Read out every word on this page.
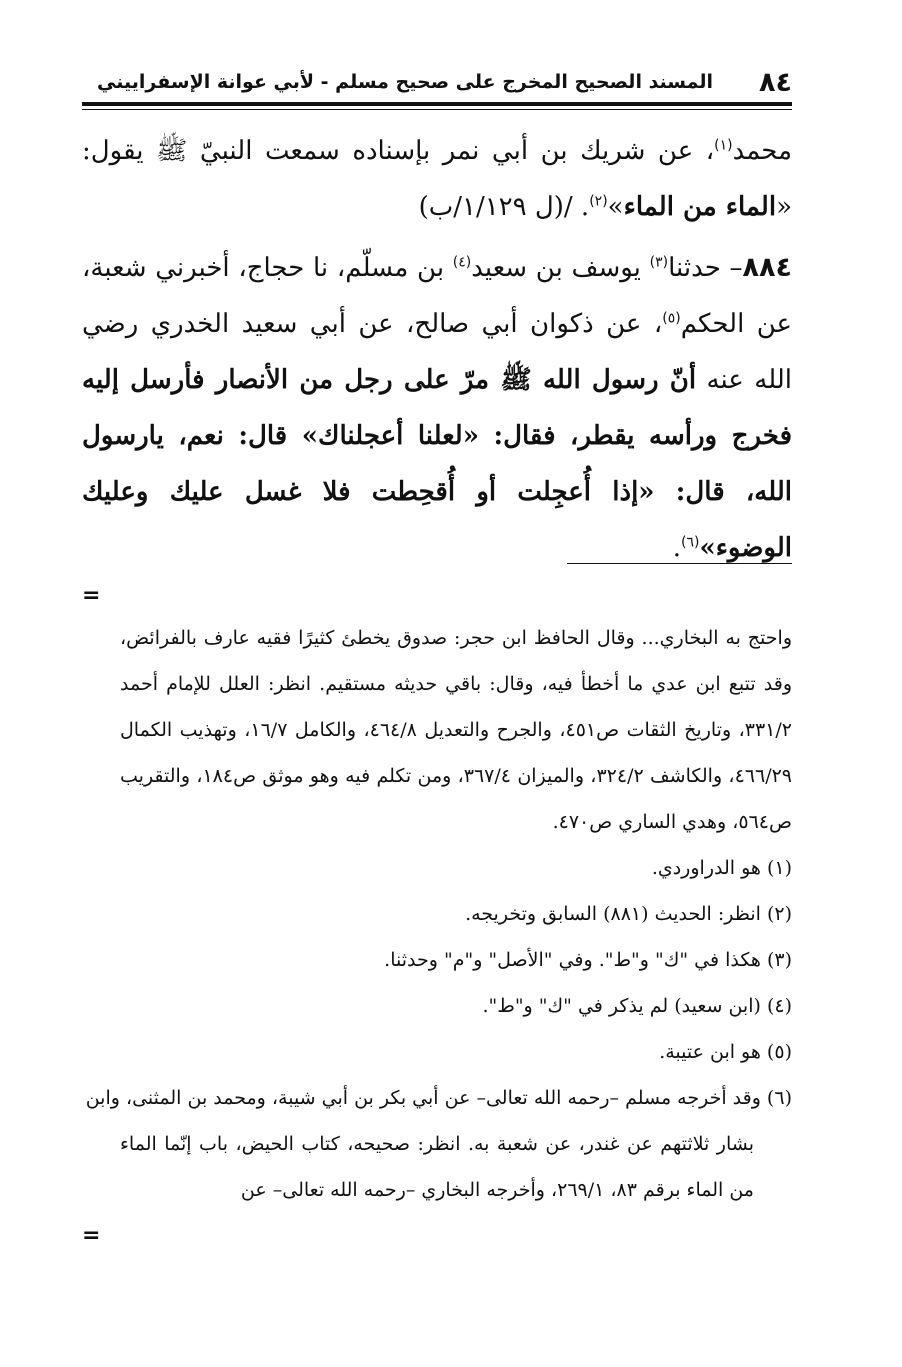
٨٤
المسند الصحيح المخرج على صحيح مسلم - لأبي عوانة الإسفراييني

محمد$^{(١)}$، عن شريك بن أبي نمر بإسناده سمعت النبيّ ﷺ يقول: «الماء من الماء»$^{(٢)}$. /(ل ١/١٢٩/ب)

٨٨٤– حدثنا$^{(٣)}$ يوسف بن سعيد$^{(٤)}$ بن مسلّم، نا حجاج، أخبرني شعبة، عن الحكم$^{(٥)}$، عن ذكوان أبي صالح، عن أبي سعيد الخدري رضي الله عنه أنّ رسول الله ﷺ مرّ على رجل من الأنصار فأرسل إليه فخرج ورأسه يقطر، فقال: «لعلنا أعجلناك» قال: نعم، يارسول الله، قال: «إذا أُعجِلت أو أُقحِطت فلا غسل عليك وعليك الوضوء»$^{(٦)}$.

=

واحتج به البخاري... وقال الحافظ ابن حجر: صدوق يخطئ كثيرًا فقيه عارف بالفرائض، وقد تتبع ابن عدي ما أخطأ فيه، وقال: باقي حديثه مستقيم. انظر: العلل للإمام أحمد ٣٣١/٢، وتاريخ الثقات ص٤٥١، والجرح والتعديل ٤٦٤/٨، والكامل ١٦/٧، وتهذيب الكمال ٤٦٦/٢٩، والكاشف ٣٢٤/٢، والميزان ٣٦٧/٤، ومن تكلم فيه وهو موثق ص١٨٤، والتقريب ص٥٦٤، وهدي الساري ص٤٧٠.

(١) هو الدراوردي.

(٢) انظر: الحديث (٨٨١) السابق وتخريجه.

(٣) هكذا في "ك" و"ط". وفي "الأصل" و"م" وحدثنا.

(٤) (ابن سعيد) لم يذكر في "ك" و"ط".

(٥) هو ابن عتيبة.

(٦) وقد أخرجه مسلم –رحمه الله تعالى– عن أبي بكر بن أبي شيبة، ومحمد بن المثنى، وابن
بشار ثلاثتهم عن غندر، عن شعبة به. انظر: صحيحه، كتاب الحيض، باب إنّما الماء من الماء برقم ٨٣، ٢٦٩/١، وأخرجه البخاري –رحمه الله تعالى– عن

=
